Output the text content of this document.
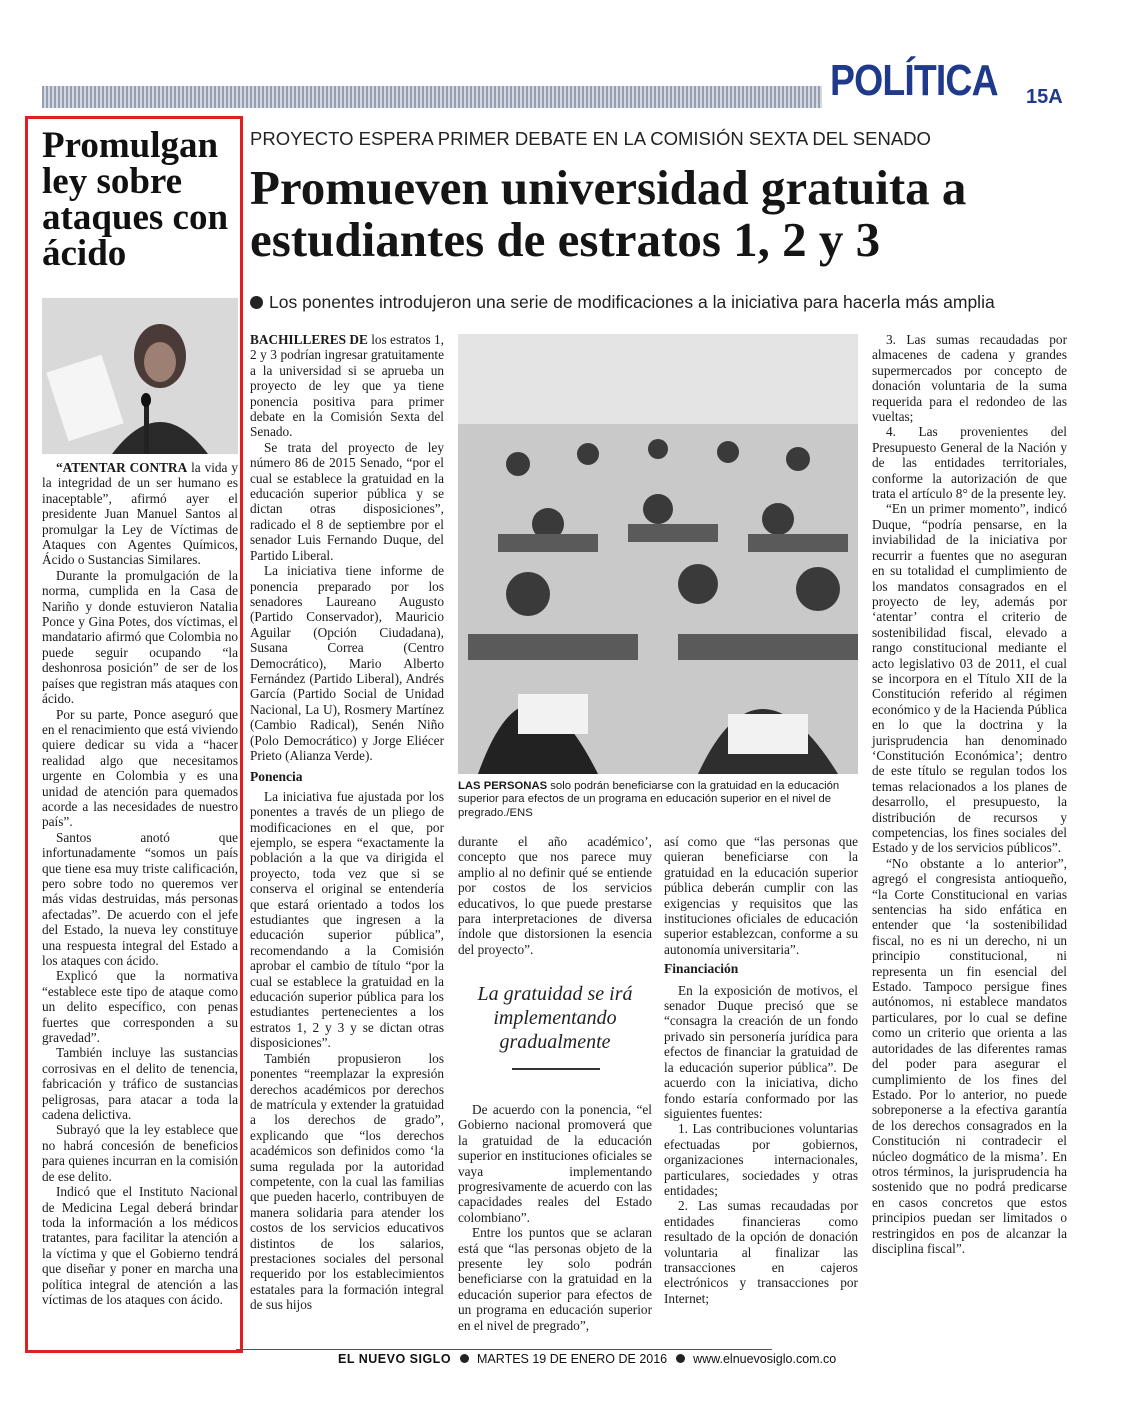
POLÍTICA 15A
Promulgan ley sobre ataques con ácido

“ATENTAR CONTRA la vida y la integridad de un ser humano es inaceptable”, afirmó ayer el presidente Juan Manuel Santos al promulgar la Ley de Víctimas de Ataques con Agentes Químicos, Ácido o Sustancias Similares.

Durante la promulgación de la norma, cumplida en la Casa de Nariño y donde estuvieron Natalia Ponce y Gina Potes, dos víctimas, el mandatario afirmó que Colombia no puede seguir ocupando “la deshonrosa posición” de ser de los países que registran más ataques con ácido.

Por su parte, Ponce aseguró que en el renacimiento que está viviendo quiere dedicar su vida a “hacer realidad algo que necesitamos urgente en Colombia y es una unidad de atención para quemados acorde a las necesidades de nuestro país”.

Santos anotó que infortunadamente “somos un país que tiene esa muy triste calificación, pero sobre todo no queremos ver más vidas destruidas, más personas afectadas”. De acuerdo con el jefe del Estado, la nueva ley constituye una respuesta integral del Estado a los ataques con ácido.

Explicó que la normativa “establece este tipo de ataque como un delito específico, con penas fuertes que corresponden a su gravedad”.

También incluye las sustancias corrosivas en el delito de tenencia, fabricación y tráfico de sustancias peligrosas, para atacar a toda la cadena delictiva.

Subrayó que la ley establece que no habrá concesión de beneficios para quienes incurran en la comisión de ese delito.

Indicó que el Instituto Nacional de Medicina Legal deberá brindar toda la información a los médicos tratantes, para facilitar la atención a la víctima y que el Gobierno tendrá que diseñar y poner en marcha una política integral de atención a las víctimas de los ataques con ácido.

PROYECTO ESPERA PRIMER DEBATE EN LA COMISIÓN SEXTA DEL SENADO
Promueven universidad gratuita a estudiantes de estratos 1, 2 y 3
Los ponentes introdujeron una serie de modificaciones a la iniciativa para hacerla más amplia

BACHILLERES DE los estratos 1, 2 y 3 podrían ingresar gratuitamente a la universidad si se aprueba un proyecto de ley que ya tiene ponencia positiva para primer debate en la Comisión Sexta del Senado.

Se trata del proyecto de ley número 86 de 2015 Senado, “por el cual se establece la gratuidad en la educación superior pública y se dictan otras disposiciones”, radicado el 8 de septiembre por el senador Luis Fernando Duque, del Partido Liberal.

La iniciativa tiene informe de ponencia preparado por los senadores Laureano Augusto (Partido Conservador), Mauricio Aguilar (Opción Ciudadana), Susana Correa (Centro Democrático), Mario Alberto Fernández (Partido Liberal), Andrés García (Partido Social de Unidad Nacional, La U), Rosmery Martínez (Cambio Radical), Senén Niño (Polo Democrático) y Jorge Eliécer Prieto (Alianza Verde).

Ponencia

La iniciativa fue ajustada por los ponentes a través de un pliego de modificaciones en el que, por ejemplo, se espera “exactamente la población a la que va dirigida el proyecto, toda vez que si se conserva el original se entendería que estará orientado a todos los estudiantes que ingresen a la educación superior pública”, recomendando a la Comisión aprobar el cambio de título “por la cual se establece la gratuidad en la educación superior pública para los estudiantes pertenecientes a los estratos 1, 2 y 3 y se dictan otras disposiciones”.

También propusieron los ponentes “reemplazar la expresión derechos académicos por derechos de matrícula y extender la gratuidad a los derechos de grado”, explicando que “los derechos académicos son definidos como ‘la suma regulada por la autoridad competente, con la cual las familias que pueden hacerlo, contribuyen de manera solidaria para atender los costos de los servicios educativos distintos de los salarios, prestaciones sociales del personal requerido por los establecimientos estatales para la formación integral de sus hijos

LAS PERSONAS solo podrán beneficiarse con la gratuidad en la educación superior para efectos de un programa en educación superior en el nivel de pregrado./ENS

durante el año académico’, concepto que nos parece muy amplio al no definir qué se entiende por costos de los servicios educativos, lo que puede prestarse para interpretaciones de diversa índole que distorsionen la esencia del proyecto”.

La gratuidad se irá implementando gradualmente

De acuerdo con la ponencia, “el Gobierno nacional promoverá que la gratuidad de la educación superior en instituciones oficiales se vaya implementando progresivamente de acuerdo con las capacidades reales del Estado colombiano”.

Entre los puntos que se aclaran está que “las personas objeto de la presente ley solo podrán beneficiarse con la gratuidad en la educación superior para efectos de un programa en educación superior en el nivel de pregrado”,

así como que “las personas que quieran beneficiarse con la gratuidad en la educación superior pública deberán cumplir con las exigencias y requisitos que las instituciones oficiales de educación superior establezcan, conforme a su autonomía universitaria”.

Financiación

En la exposición de motivos, el senador Duque precisó que se “consagra la creación de un fondo privado sin personería jurídica para efectos de financiar la gratuidad de la educación superior pública”. De acuerdo con la iniciativa, dicho fondo estaría conformado por las siguientes fuentes:

1. Las contribuciones voluntarias efectuadas por gobiernos, organizaciones internacionales, particulares, sociedades y otras entidades;

2. Las sumas recaudadas por entidades financieras como resultado de la opción de donación voluntaria al finalizar las transacciones en cajeros electrónicos y transacciones por Internet;

3. Las sumas recaudadas por almacenes de cadena y grandes supermercados por concepto de donación voluntaria de la suma requerida para el redondeo de las vueltas;

4. Las provenientes del Presupuesto General de la Nación y de las entidades territoriales, conforme la autorización de que trata el artículo 8° de la presente ley.

“En un primer momento”, indicó Duque, “podría pensarse, en la inviabilidad de la iniciativa por recurrir a fuentes que no aseguran en su totalidad el cumplimiento de los mandatos consagrados en el proyecto de ley, además por ‘atentar’ contra el criterio de sostenibilidad fiscal, elevado a rango constitucional mediante el acto legislativo 03 de 2011, el cual se incorpora en el Título XII de la Constitución referido al régimen económico y de la Hacienda Pública en lo que la doctrina y la jurisprudencia han denominado ‘Constitución Económica’; dentro de este título se regulan todos los temas relacionados a los planes de desarrollo, el presupuesto, la distribución de recursos y competencias, los fines sociales del Estado y de los servicios públicos”.

“No obstante a lo anterior”, agregó el congresista antioqueño, “la Corte Constitucional en varias sentencias ha sido enfática en entender que ‘la sostenibilidad fiscal, no es ni un derecho, ni un principio constitucional, ni representa un fin esencial del Estado. Tampoco persigue fines autónomos, ni establece mandatos particulares, por lo cual se define como un criterio que orienta a las autoridades de las diferentes ramas del poder para asegurar el cumplimiento de los fines del Estado. Por lo anterior, no puede sobreponerse a la efectiva garantía de los derechos consagrados en la Constitución ni contradecir el núcleo dogmático de la misma’. En otros términos, la jurisprudencia ha sostenido que no podrá predicarse en casos concretos que estos principios puedan ser limitados o restringidos en pos de alcanzar la disciplina fiscal”.

EL NUEVO SIGLO MARTES 19 DE ENERO DE 2016 www.elnuevosiglo.com.co
